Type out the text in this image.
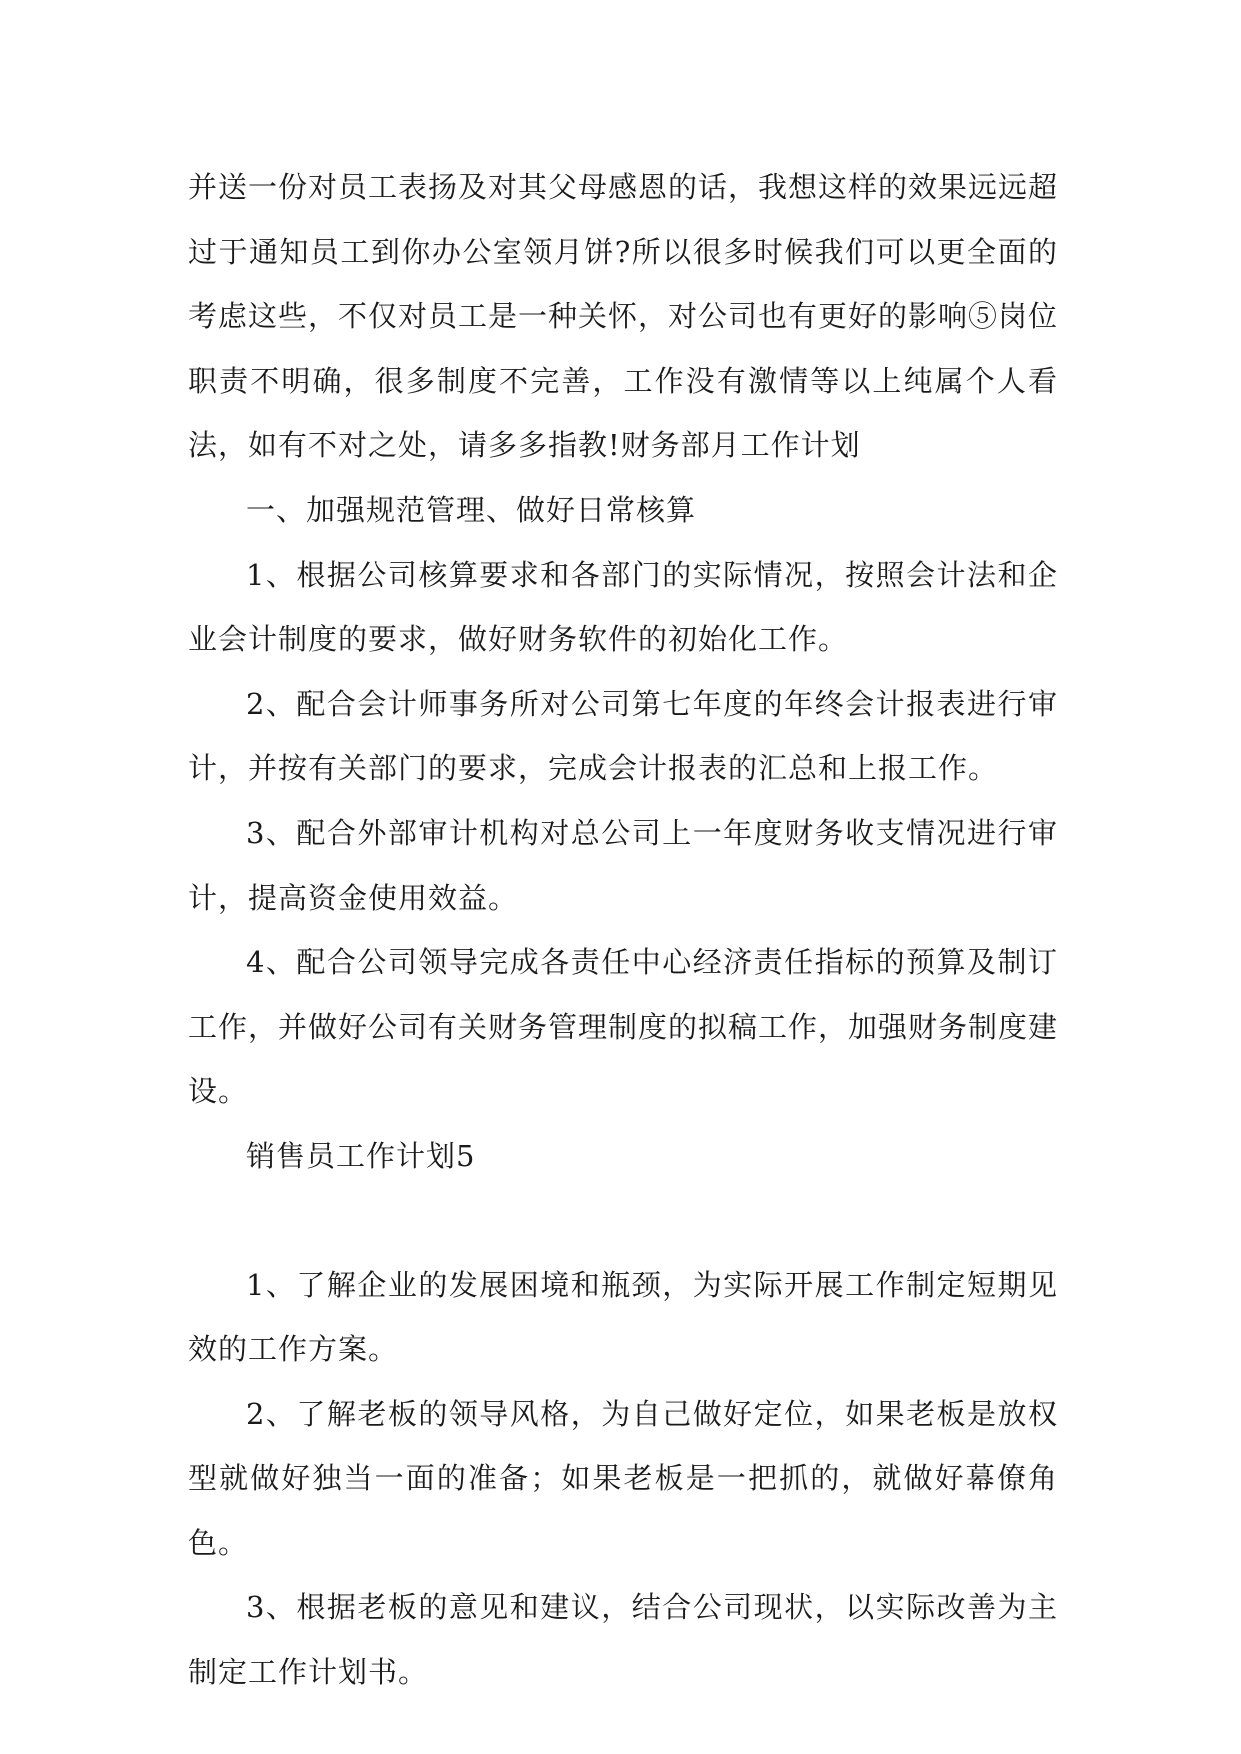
并送一份对员工表扬及对其父母感恩的话，我想这样的效果远远超过于通知员工到你办公室领月饼?所以很多时候我们可以更全面的考虑这些，不仅对员工是一种关怀，对公司也有更好的影响⑤岗位职责不明确，很多制度不完善，工作没有激情等以上纯属个人看法，如有不对之处，请多多指教!财务部月工作计划

一、加强规范管理、做好日常核算

1、根据公司核算要求和各部门的实际情况，按照会计法和企业会计制度的要求，做好财务软件的初始化工作。

2、配合会计师事务所对公司第七年度的年终会计报表进行审计，并按有关部门的要求，完成会计报表的汇总和上报工作。

3、配合外部审计机构对总公司上一年度财务收支情况进行审计，提高资金使用效益。

4、配合公司领导完成各责任中心经济责任指标的预算及制订工作，并做好公司有关财务管理制度的拟稿工作，加强财务制度建设。

销售员工作计划5

1、了解企业的发展困境和瓶颈，为实际开展工作制定短期见效的工作方案。

2、了解老板的领导风格，为自己做好定位，如果老板是放权型就做好独当一面的准备；如果老板是一把抓的，就做好幕僚角色。

3、根据老板的意见和建议，结合公司现状，以实际改善为主制定工作计划书。
